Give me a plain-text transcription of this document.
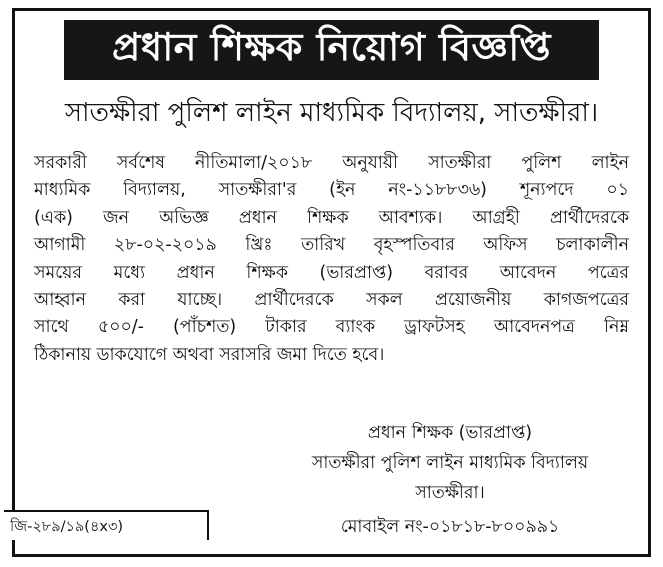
প্রধান শিক্ষক নিয়োগ বিজ্ঞপ্তি
সাতক্ষীরা পুলিশ লাইন মাধ্যমিক বিদ্যালয়, সাতক্ষীরা।
সরকারী সর্বশেষ নীতিমালা/২০১৮ অনুযায়ী সাতক্ষীরা পুলিশ লাইন
মাধ্যমিক বিদ্যালয়, সাতক্ষীরা'র (ইন নং-১১৮৮৩৬) শূন্যপদে ০১
(এক) জন অভিজ্ঞ প্রধান শিক্ষক আবশ্যক। আগ্রহী প্রার্থীদেরকে
আগামী ২৮-০২-২০১৯ খ্রিঃ তারিখ বৃহস্পতিবার অফিস চলাকালীন
সময়ের মধ্যে প্রধান শিক্ষক (ভারপ্রাপ্ত) বরাবর আবেদন পত্রের
আহ্বান করা যাচ্ছে। প্রার্থীদেরকে সকল প্রয়োজনীয় কাগজপত্রের
সাথে ৫০০/- (পাঁচশত) টাকার ব্যাংক ড্রাফটসহ আবেদনপত্র নিম্ন
ঠিকানায় ডাকযোগে অথবা সরাসরি জমা দিতে হবে।
প্রধান শিক্ষক (ভারপ্রাপ্ত)
সাতক্ষীরা পুলিশ লাইন মাধ্যমিক বিদ্যালয়
সাতক্ষীরা।
মোবাইল নং-০১৮১৮-৮০০৯৯১
জি-২৮৯/১৯(৪x৩)
